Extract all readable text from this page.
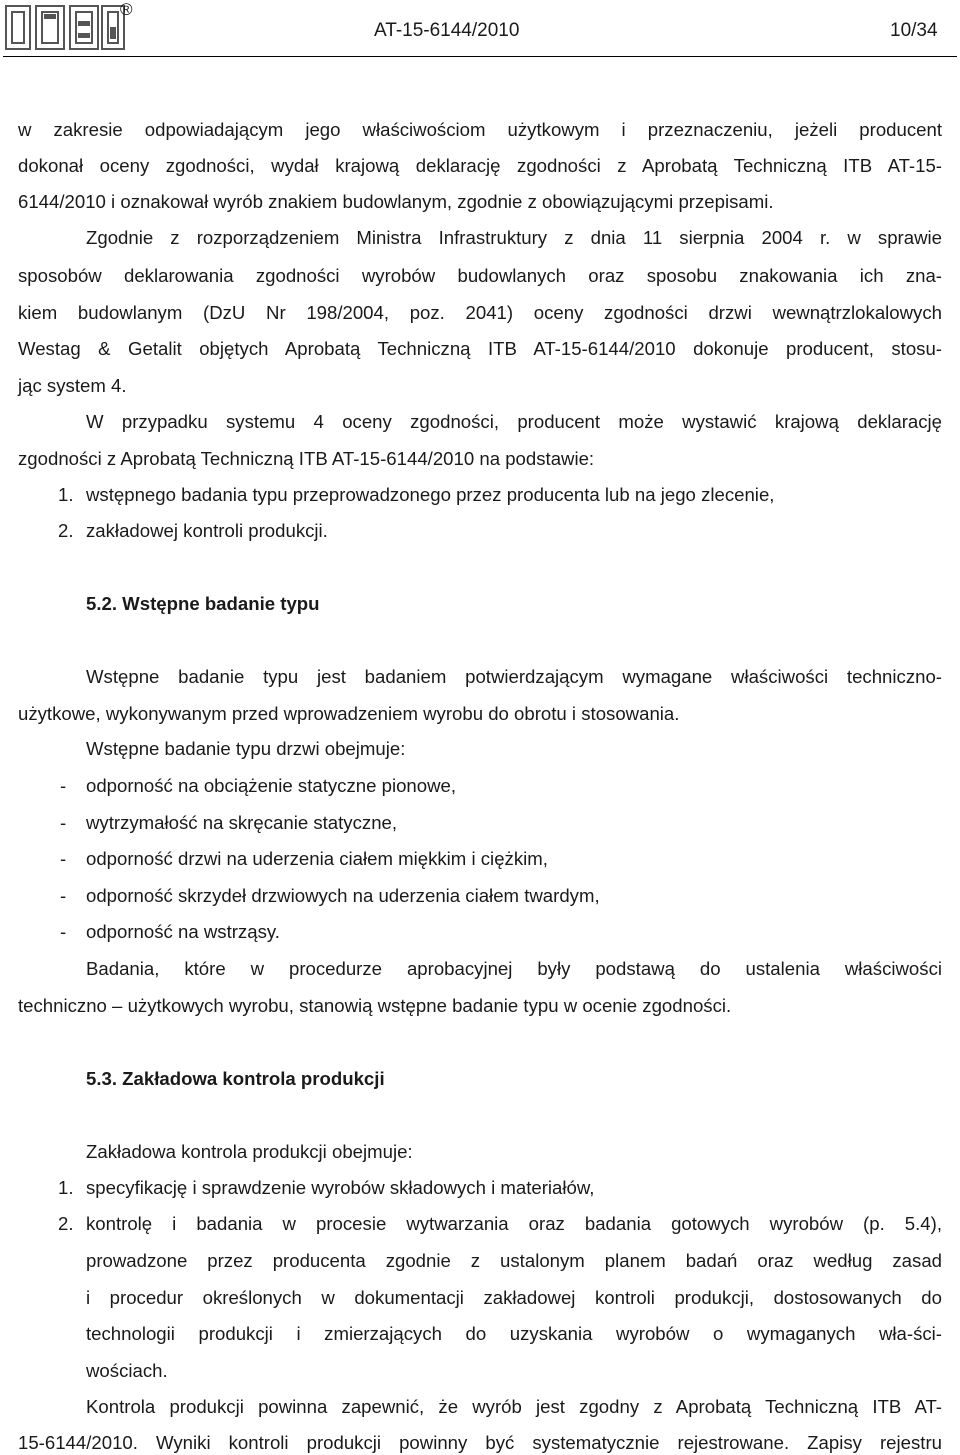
®
AT-15-6144/2010	10/34
w zakresie odpowiadającym jego właściwościom użytkowym i przeznaczeniu, jeżeli producent
dokonał oceny zgodności, wydał krajową deklarację zgodności z Aprobatą Techniczną ITB AT-15-
6144/2010 i oznakował wyrób znakiem budowlanym, zgodnie z obowiązującymi przepisami.
Zgodnie z rozporządzeniem Ministra Infrastruktury z dnia 11 sierpnia 2004 r. w sprawie
sposobów deklarowania zgodności wyrobów budowlanych oraz sposobu znakowania ich zna-
kiem budowlanym (DzU Nr 198/2004, poz. 2041) oceny zgodności drzwi wewnątrzlokalowych
Westag & Getalit objętych Aprobatą Techniczną ITB AT-15-6144/2010 dokonuje producent, stosu-
jąc system 4.
W przypadku systemu 4 oceny zgodności, producent może wystawić krajową deklarację
zgodności z Aprobatą Techniczną ITB AT-15-6144/2010 na podstawie:
1. wstępnego badania typu przeprowadzonego przez producenta lub na jego zlecenie,
2. zakładowej kontroli produkcji.
5.2. Wstępne badanie typu
Wstępne badanie typu jest badaniem potwierdzającym wymagane właściwości techniczno-
użytkowe, wykonywanym przed wprowadzeniem wyrobu do obrotu i stosowania.
Wstępne badanie typu drzwi obejmuje:
- odporność na obciążenie statyczne pionowe,
- wytrzymałość na skręcanie statyczne,
- odporność drzwi na uderzenia ciałem miękkim i ciężkim,
- odporność skrzydeł drzwiowych na uderzenia ciałem twardym,
- odporność na wstrząsy.
Badania, które w procedurze aprobacyjnej były podstawą do ustalenia właściwości
techniczno – użytkowych wyrobu, stanowią wstępne badanie typu w ocenie zgodności.
5.3. Zakładowa kontrola produkcji
Zakładowa kontrola produkcji obejmuje:
1. specyfikację i sprawdzenie wyrobów składowych i materiałów,
2. kontrolę i badania w procesie wytwarzania oraz badania gotowych wyrobów (p. 5.4),
prowadzone przez producenta zgodnie z ustalonym planem badań oraz według zasad
i procedur określonych w dokumentacji zakładowej kontroli produkcji, dostosowanych do
technologii produkcji i zmierzających do uzyskania wyrobów o wymaganych wła-ści-
wościach.
Kontrola produkcji powinna zapewnić, że wyrób jest zgodny z Aprobatą Techniczną ITB AT-
15-6144/2010. Wyniki kontroli produkcji powinny być systematycznie rejestrowane. Zapisy rejestru
